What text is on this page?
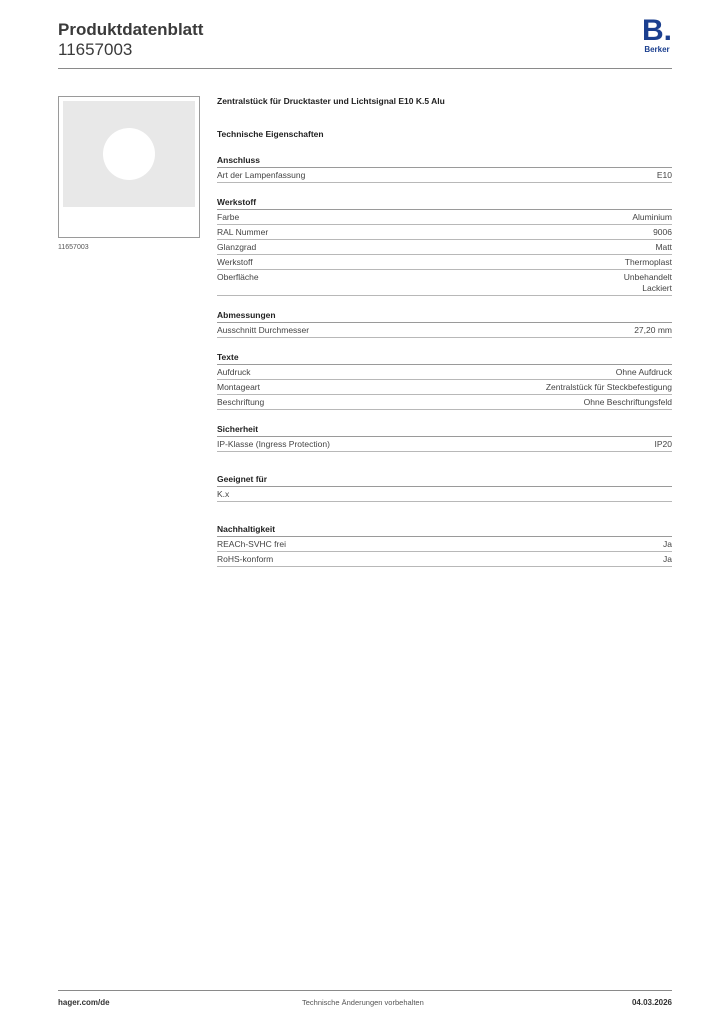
Produktdatenblatt
11657003
B.
Berker
11657003
Zentralstück für Drucktaster und Lichtsignal E10 K.5 Alu
Technische Eigenschaften
Anschluss
Art der Lampenfassung	E10
Werkstoff
Farbe	Aluminium
RAL Nummer	9006
Glanzgrad	Matt
Werkstoff	Thermoplast
Oberfläche	Unbehandelt
Lackiert
Abmessungen
Ausschnitt Durchmesser	27,20 mm
Texte
Aufdruck	Ohne Aufdruck
Montageart	Zentralstück für Steckbefestigung
Beschriftung	Ohne Beschriftungsfeld
Sicherheit
IP-Klasse (Ingress Protection)	IP20
Geeignet für
K.x
Nachhaltigkeit
REACh-SVHC frei	Ja
RoHS-konform	Ja
hager.com/de	Technische Änderungen vorbehalten	04.03.2026
